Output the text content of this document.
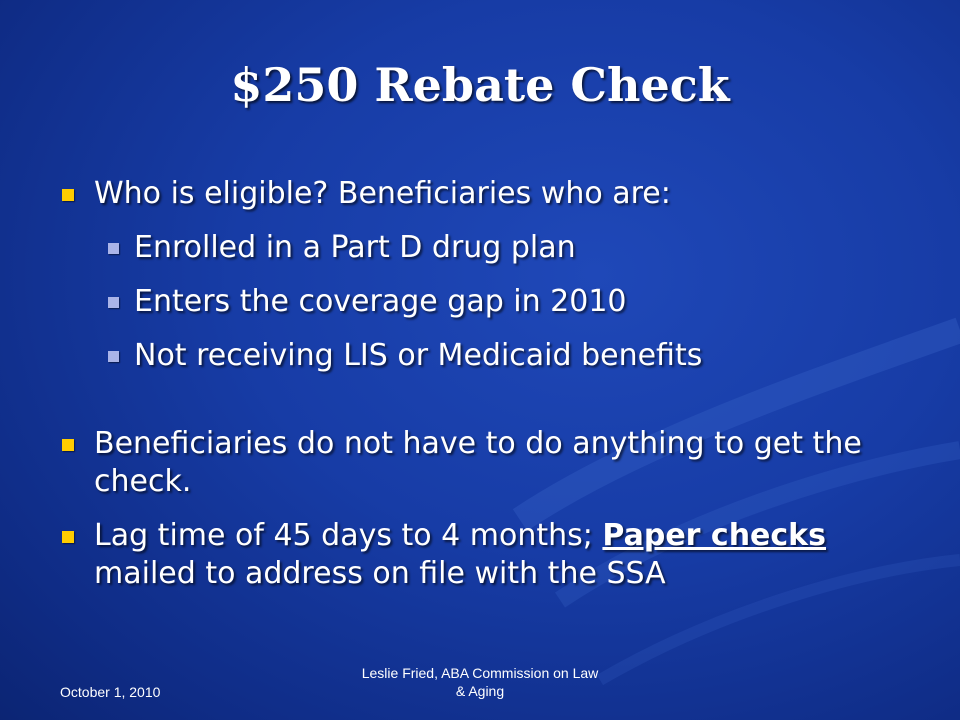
$250 Rebate Check
Who is eligible? Beneficiaries who are:
Enrolled in a Part D drug plan
Enters the coverage gap in 2010
Not receiving LIS or Medicaid benefits
Beneficiaries do not have to do anything to get the check.
Lag time of 45 days to 4 months; Paper checks mailed to address on file with the SSA
October 1, 2010
Leslie Fried, ABA Commission on Law
& Aging
